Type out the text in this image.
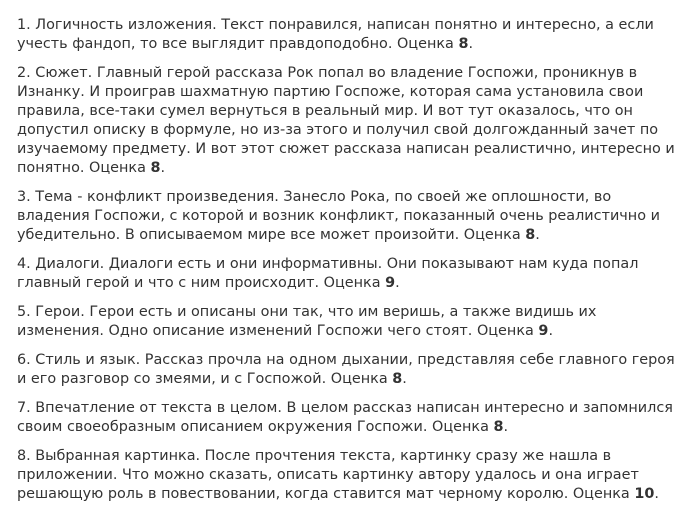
1. Логичность изложения. Текст понравился, написан понятно и интересно, а если учесть фандоп, то все выглядит правдоподобно. Оценка 8.

2. Сюжет. Главный герой рассказа Рок попал во владение Госпожи, проникнув в Изнанку. И проиграв шахматную партию Госпоже, которая сама установила свои правила, все-таки сумел вернуться в реальный мир. И вот тут оказалось, что он допустил описку в формуле, но из-за этого и получил свой долгожданный зачет по изучаемому предмету. И вот этот сюжет рассказа написан реалистично, интересно и понятно. Оценка 8.

3. Тема - конфликт произведения. Занесло Рока, по своей же оплошности, во владения Госпожи, с которой и возник конфликт, показанный очень реалистично и убедительно. В описываемом мире все может произойти. Оценка 8.

4. Диалоги. Диалоги есть и они информативны. Они показывают нам куда попал главный герой и что с ним происходит. Оценка 9.

5. Герои. Герои есть и описаны они так, что им веришь, а также видишь их изменения. Одно описание изменений Госпожи чего стоят. Оценка 9.

6. Стиль и язык. Рассказ прочла на одном дыхании, представляя себе главного героя и его разговор со змеями, и с Госпожой. Оценка 8.

7. Впечатление от текста в целом. В целом рассказ написан интересно и запомнился своим своеобразным описанием окружения Госпожи. Оценка 8.

8. Выбранная картинка. После прочтения текста, картинку сразу же нашла в приложении. Что можно сказать, описать картинку автору удалось и она играет решающую роль в повествовании, когда ставится мат черному королю. Оценка 10.
